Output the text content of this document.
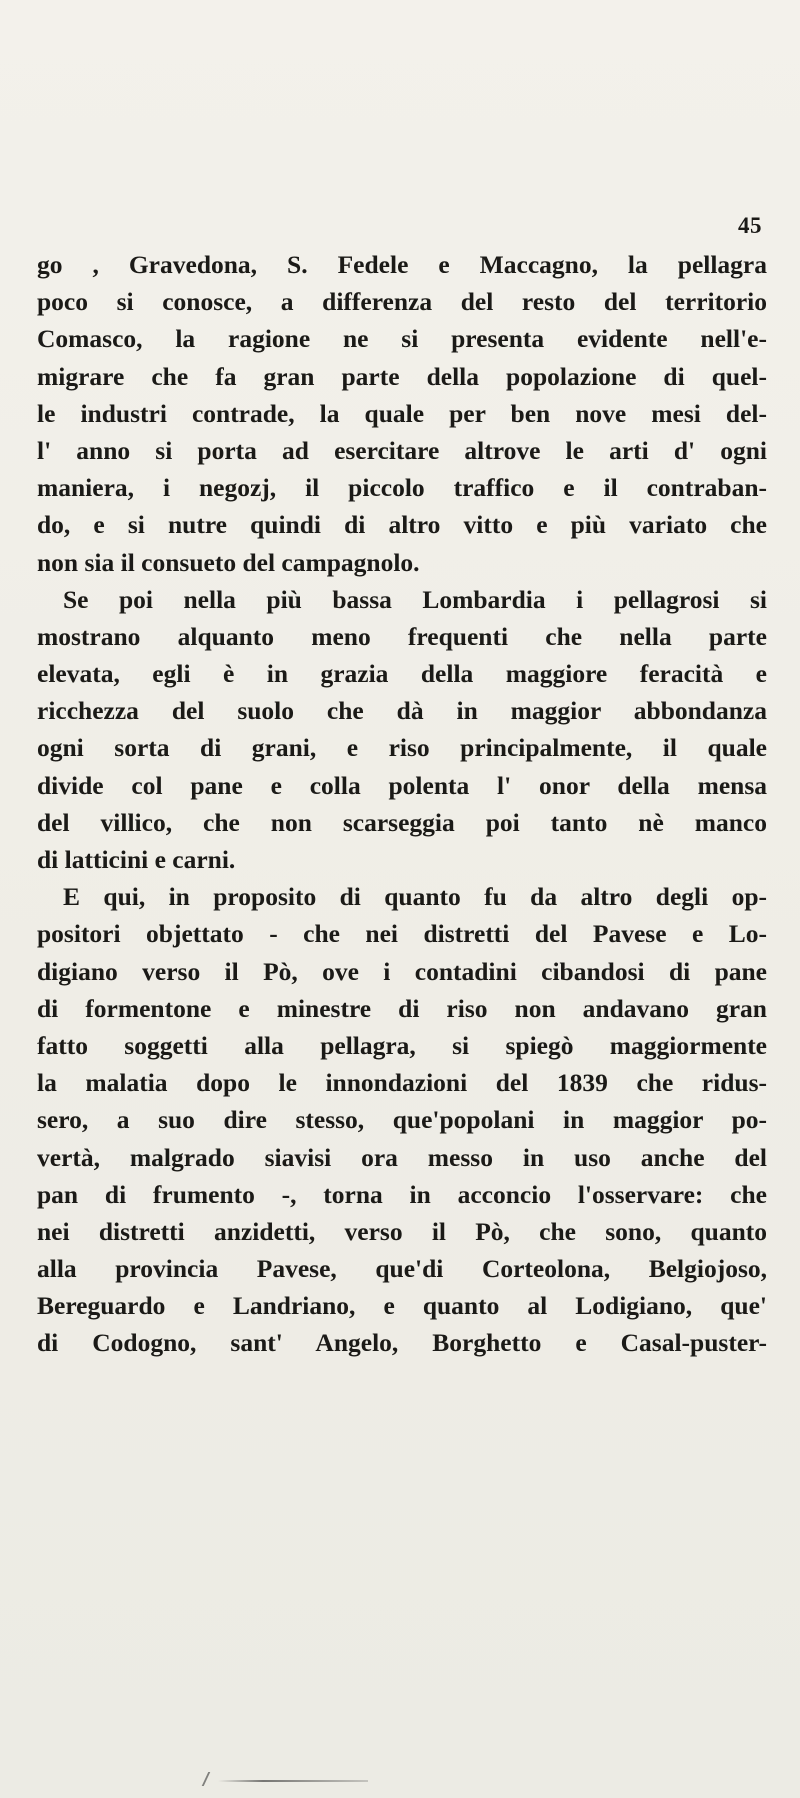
45
go , Gravedona, S. Fedele e Maccagno, la pellagra
poco si conosce, a differenza del resto del territorio
Comasco, la ragione ne si presenta evidente nell'e-
migrare che fa gran parte della popolazione di quel-
le industri contrade, la quale per ben nove mesi del-
l' anno si porta ad esercitare altrove le arti d' ogni
maniera, i negozj, il piccolo traffico e il contraban-
do, e si nutre quindi di altro vitto e più variato che
non sia il consueto del campagnolo.
Se poi nella più bassa Lombardia i pellagrosi si
mostrano alquanto meno frequenti che nella parte
elevata, egli è in grazia della maggiore feracità e
ricchezza del suolo che dà in maggior abbondanza
ogni sorta di grani, e riso principalmente, il quale
divide col pane e colla polenta l' onor della mensa
del villico, che non scarseggia poi tanto nè manco
di latticini e carni.
E qui, in proposito di quanto fu da altro degli op-
positori objettato - che nei distretti del Pavese e Lo-
digiano verso il Pò, ove i contadini cibandosi di pane
di formentone e minestre di riso non andavano gran
fatto soggetti alla pellagra, si spiegò maggiormente
la malatia dopo le innondazioni del 1839 che ridus-
sero, a suo dire stesso, que'popolani in maggior po-
vertà, malgrado siavisi ora messo in uso anche del
pan di frumento -, torna in acconcio l'osservare: che
nei distretti anzidetti, verso il Pò, che sono, quanto
alla provincia Pavese, que'di Corteolona, Belgiojoso,
Bereguardo e Landriano, e quanto al Lodigiano, que'
di Codogno, sant' Angelo, Borghetto e Casal-puster-
